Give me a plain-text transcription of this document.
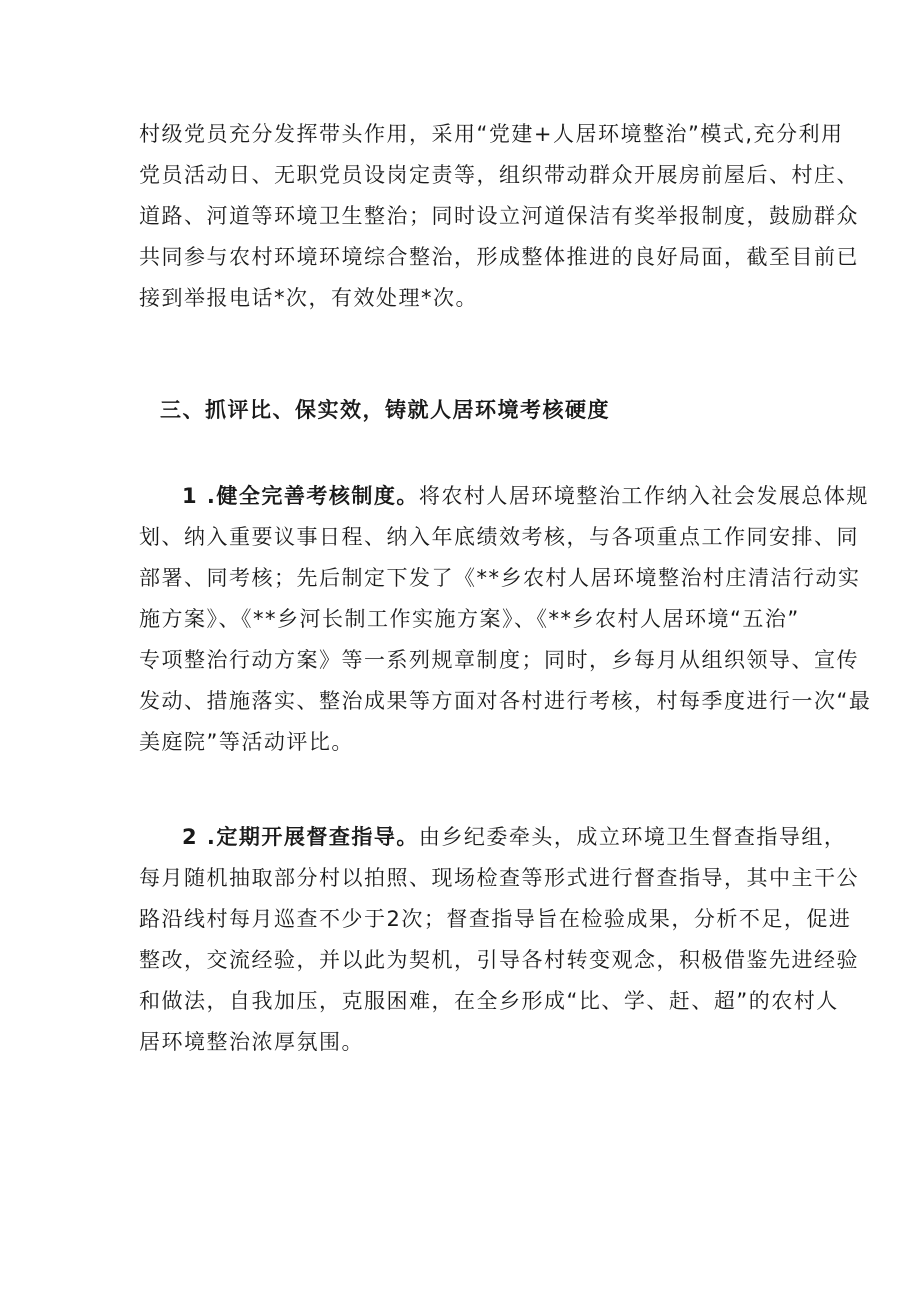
村级党员充分发挥带头作用，采用“党建+人居环境整治”模式,充分利用
党员活动日、无职党员设岗定责等，组织带动群众开展房前屋后、村庄、
道路、河道等环境卫生整治；同时设立河道保洁有奖举报制度，鼓励群众
共同参与农村环境环境综合整治，形成整体推进的良好局面，截至目前已
接到举报电话*次，有效处理*次。
三、抓评比、保实效，铸就人居环境考核硬度
1 .健全完善考核制度。将农村人居环境整治工作纳入社会发展总体规
划、纳入重要议事日程、纳入年底绩效考核，与各项重点工作同安排、同
部署、同考核；先后制定下发了《**乡农村人居环境整治村庄清洁行动实
施方案》、《**乡河长制工作实施方案》、《**乡农村人居环境“五治”
专项整治行动方案》等一系列规章制度；同时，乡每月从组织领导、宣传
发动、措施落实、整治成果等方面对各村进行考核，村每季度进行一次“最
美庭院”等活动评比。
2 .定期开展督查指导。由乡纪委牵头，成立环境卫生督查指导组，
每月随机抽取部分村以拍照、现场检查等形式进行督查指导，其中主干公
路沿线村每月巡查不少于2次；督查指导旨在检验成果，分析不足，促进
整改，交流经验，并以此为契机，引导各村转变观念，积极借鉴先进经验
和做法，自我加压，克服困难，在全乡形成“比、学、赶、超”的农村人
居环境整治浓厚氛围。
